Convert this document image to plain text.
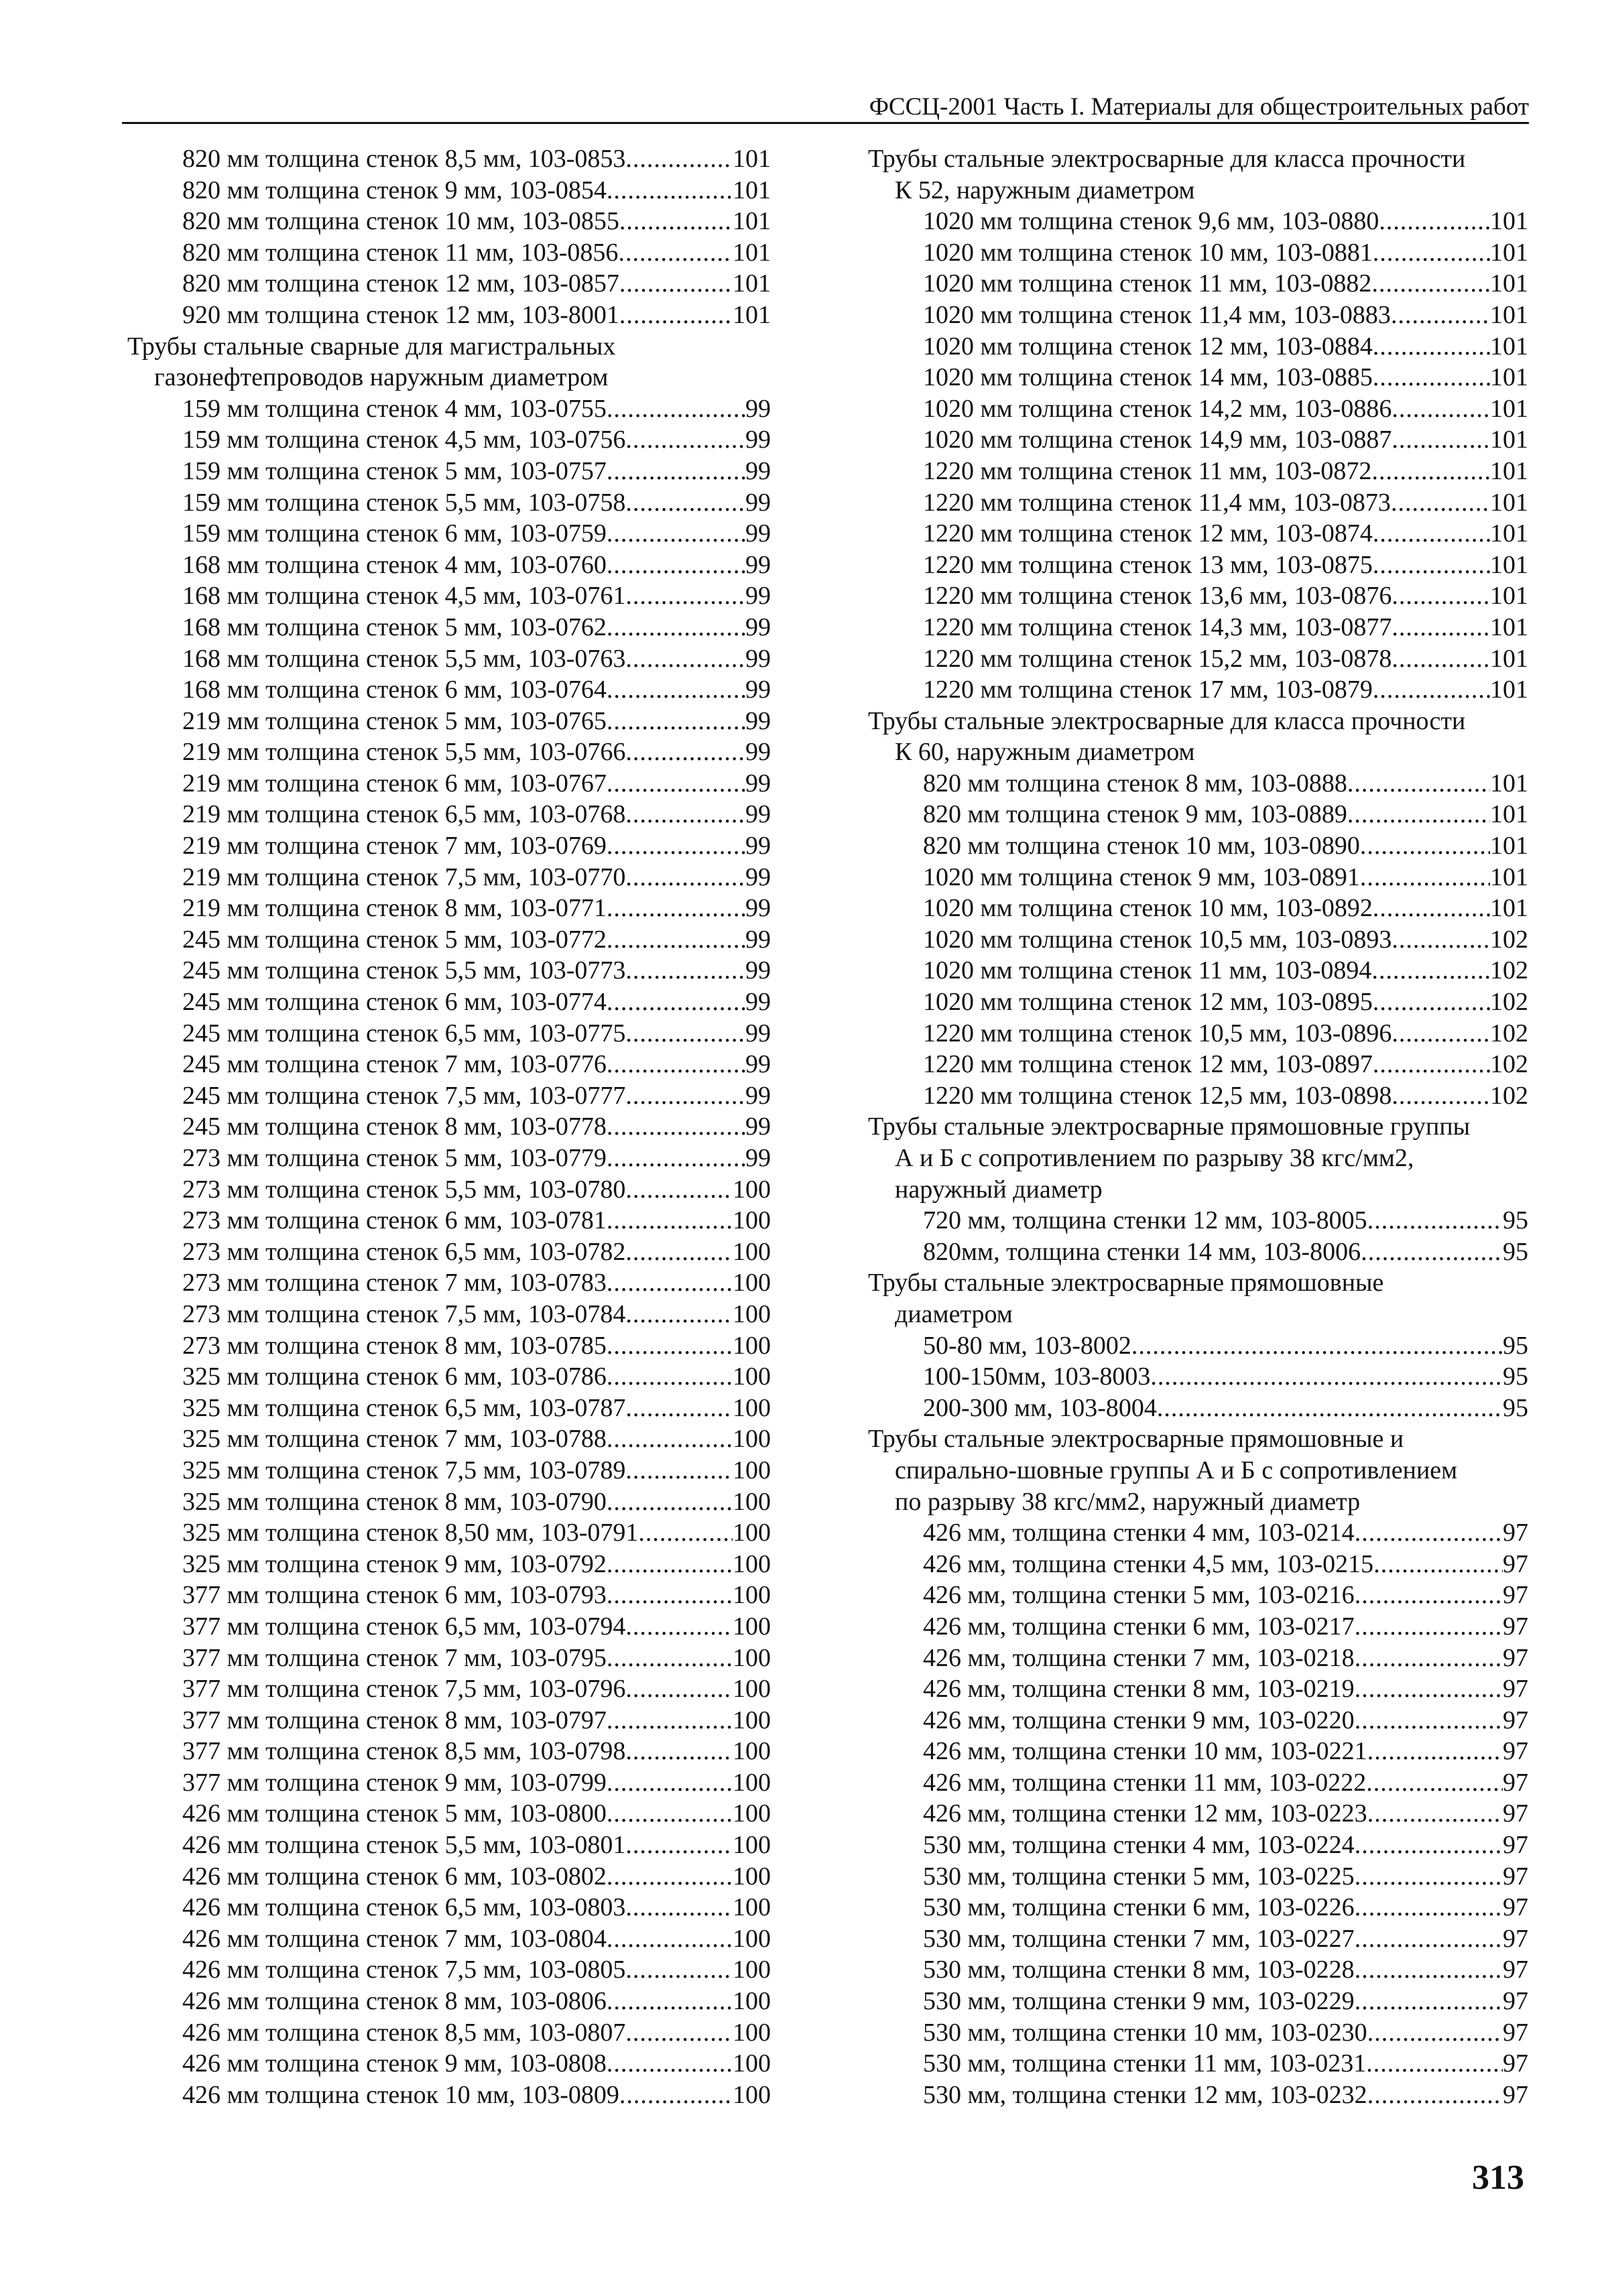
ФССЦ-2001 Часть I. Материалы для общестроительных работ
820 мм толщина стенок 8,5 мм, 103-0853 .....	101
820 мм толщина стенок 9 мм, 103-0854 .....	101
820 мм толщина стенок 10 мм, 103-0855 .....	101
820 мм толщина стенок 11 мм, 103-0856 .....	101
820 мм толщина стенок 12 мм, 103-0857 .....	101
920 мм толщина стенок 12 мм, 103-8001 .....	101
Трубы стальные сварные для магистральных
газонефтепроводов наружным диаметром
159 мм толщина стенок 4 мм, 103-0755 .....	99
159 мм толщина стенок 4,5 мм, 103-0756 .....	99
159 мм толщина стенок 5 мм, 103-0757 .....	99
159 мм толщина стенок 5,5 мм, 103-0758 .....	99
159 мм толщина стенок 6 мм, 103-0759 .....	99
168 мм толщина стенок 4 мм, 103-0760 .....	99
168 мм толщина стенок 4,5 мм, 103-0761 .....	99
168 мм толщина стенок 5 мм, 103-0762 .....	99
168 мм толщина стенок 5,5 мм, 103-0763 .....	99
168 мм толщина стенок 6 мм, 103-0764 .....	99
219 мм толщина стенок 5 мм, 103-0765 .....	99
219 мм толщина стенок 5,5 мм, 103-0766 .....	99
219 мм толщина стенок 6 мм, 103-0767 .....	99
219 мм толщина стенок 6,5 мм, 103-0768 .....	99
219 мм толщина стенок 7 мм, 103-0769 .....	99
219 мм толщина стенок 7,5 мм, 103-0770 .....	99
219 мм толщина стенок 8 мм, 103-0771 .....	99
245 мм толщина стенок 5 мм, 103-0772 .....	99
245 мм толщина стенок 5,5 мм, 103-0773 .....	99
245 мм толщина стенок 6 мм, 103-0774 .....	99
245 мм толщина стенок 6,5 мм, 103-0775 .....	99
245 мм толщина стенок 7 мм, 103-0776 .....	99
245 мм толщина стенок 7,5 мм, 103-0777 .....	99
245 мм толщина стенок 8 мм, 103-0778 .....	99
273 мм толщина стенок 5 мм, 103-0779 .....	99
273 мм толщина стенок 5,5 мм, 103-0780 .....	100
273 мм толщина стенок 6 мм, 103-0781 .....	100
273 мм толщина стенок 6,5 мм, 103-0782 .....	100
273 мм толщина стенок 7 мм, 103-0783 .....	100
273 мм толщина стенок 7,5 мм, 103-0784 .....	100
273 мм толщина стенок 8 мм, 103-0785 .....	100
325 мм толщина стенок 6 мм, 103-0786 .....	100
325 мм толщина стенок 6,5 мм, 103-0787 .....	100
325 мм толщина стенок 7 мм, 103-0788 .....	100
325 мм толщина стенок 7,5 мм, 103-0789 .....	100
325 мм толщина стенок 8 мм, 103-0790 .....	100
325 мм толщина стенок 8,50 мм, 103-0791 .....	100
325 мм толщина стенок 9 мм, 103-0792 .....	100
377 мм толщина стенок 6 мм, 103-0793 .....	100
377 мм толщина стенок 6,5 мм, 103-0794 .....	100
377 мм толщина стенок 7 мм, 103-0795 .....	100
377 мм толщина стенок 7,5 мм, 103-0796 .....	100
377 мм толщина стенок 8 мм, 103-0797 .....	100
377 мм толщина стенок 8,5 мм, 103-0798 .....	100
377 мм толщина стенок 9 мм, 103-0799 .....	100
426 мм толщина стенок 5 мм, 103-0800 .....	100
426 мм толщина стенок 5,5 мм, 103-0801 .....	100
426 мм толщина стенок 6 мм, 103-0802 .....	100
426 мм толщина стенок 6,5 мм, 103-0803 .....	100
426 мм толщина стенок 7 мм, 103-0804 .....	100
426 мм толщина стенок 7,5 мм, 103-0805 .....	100
426 мм толщина стенок 8 мм, 103-0806 .....	100
426 мм толщина стенок 8,5 мм, 103-0807 .....	100
426 мм толщина стенок 9 мм, 103-0808 .....	100
426 мм толщина стенок 10 мм, 103-0809 .....	100
Трубы стальные электросварные для класса прочности
К 52, наружным диаметром
1020 мм толщина стенок 9,6 мм, 103-0880 .....	101
1020 мм толщина стенок 10 мм, 103-0881 .....	101
1020 мм толщина стенок 11 мм, 103-0882 .....	101
1020 мм толщина стенок 11,4 мм, 103-0883 .....	101
1020 мм толщина стенок 12 мм, 103-0884 .....	101
1020 мм толщина стенок 14 мм, 103-0885 .....	101
1020 мм толщина стенок 14,2 мм, 103-0886 .....	101
1020 мм толщина стенок 14,9 мм, 103-0887 .....	101
1220 мм толщина стенок 11 мм, 103-0872 .....	101
1220 мм толщина стенок 11,4 мм, 103-0873 .....	101
1220 мм толщина стенок 12 мм, 103-0874 .....	101
1220 мм толщина стенок 13 мм, 103-0875 .....	101
1220 мм толщина стенок 13,6 мм, 103-0876 .....	101
1220 мм толщина стенок 14,3 мм, 103-0877 .....	101
1220 мм толщина стенок 15,2 мм, 103-0878 .....	101
1220 мм толщина стенок 17 мм, 103-0879 .....	101
Трубы стальные электросварные для класса прочности
К 60, наружным диаметром
820 мм толщина стенок 8 мм, 103-0888 .....	101
820 мм толщина стенок 9 мм, 103-0889 .....	101
820 мм толщина стенок 10 мм, 103-0890 .....	101
1020 мм толщина стенок 9 мм, 103-0891 .....	101
1020 мм толщина стенок 10 мм, 103-0892 .....	101
1020 мм толщина стенок 10,5 мм, 103-0893 .....	102
1020 мм толщина стенок 11 мм, 103-0894 .....	102
1020 мм толщина стенок 12 мм, 103-0895 .....	102
1220 мм толщина стенок 10,5 мм, 103-0896 .....	102
1220 мм толщина стенок 12 мм, 103-0897 .....	102
1220 мм толщина стенок 12,5 мм, 103-0898 .....	102
Трубы стальные электросварные прямошовные группы
А и Б с сопротивлением по разрыву 38 кгс/мм2,
наружный диаметр
720 мм, толщина стенки 12 мм, 103-8005 .....	95
820мм, толщина стенки 14 мм, 103-8006 .....	95
Трубы стальные электросварные прямошовные
диаметром
50-80 мм, 103-8002 .....	95
100-150мм, 103-8003 .....	95
200-300 мм, 103-8004 .....	95
Трубы стальные электросварные прямошовные и
спирально-шовные группы А и Б с сопротивлением
по разрыву 38 кгс/мм2, наружный диаметр
426 мм, толщина стенки 4 мм, 103-0214 .....	97
426 мм, толщина стенки 4,5 мм, 103-0215 .....	97
426 мм, толщина стенки 5 мм, 103-0216 .....	97
426 мм, толщина стенки 6 мм, 103-0217 .....	97
426 мм, толщина стенки 7 мм, 103-0218 .....	97
426 мм, толщина стенки 8 мм, 103-0219 .....	97
426 мм, толщина стенки 9 мм, 103-0220 .....	97
426 мм, толщина стенки 10 мм, 103-0221 .....	97
426 мм, толщина стенки 11 мм, 103-0222 .....	97
426 мм, толщина стенки 12 мм, 103-0223 .....	97
530 мм, толщина стенки 4 мм, 103-0224 .....	97
530 мм, толщина стенки 5 мм, 103-0225 .....	97
530 мм, толщина стенки 6 мм, 103-0226 .....	97
530 мм, толщина стенки 7 мм, 103-0227 .....	97
530 мм, толщина стенки 8 мм, 103-0228 .....	97
530 мм, толщина стенки 9 мм, 103-0229 .....	97
530 мм, толщина стенки 10 мм, 103-0230 .....	97
530 мм, толщина стенки 11 мм, 103-0231 .....	97
530 мм, толщина стенки 12 мм, 103-0232 .....	97
313
